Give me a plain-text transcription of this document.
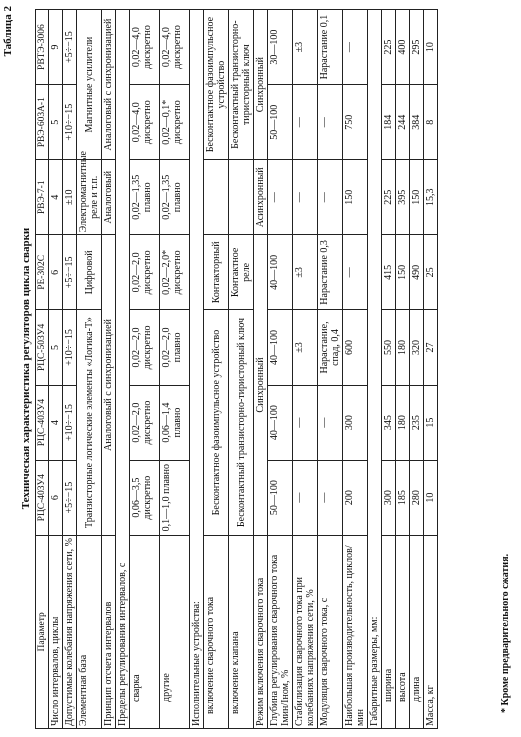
Таблица 2
Техническая характеристика регуляторов цикла сварки
Параметр	РЦС-403У4	РЦС-403У4	РЦС-503У4	РЕ-302С	РВЭ-7-1	РВЭ-603А-1	РВТЭ-3006
Число интервалов, циклы	6	4	5	6	4	5	9
Допустимые колебания напряжения сети, %	+5÷−15	+10÷−15	+10÷−15	+5÷−15	±10	+10÷−15	+5÷−15
Элементная база	Транзисторные логические элементы «Логика-Т»			Цифровой	Электромагнитные реле и т.п.	Магнитные усилители	
Принцип отсчета интервалов	Аналоговый с синхронизацией				Аналоговый	Аналоговый с синхронизацией	
Пределы регулирования интервалов, с							
сварка	0,06—3,5 дискретно	0,02—2,0 дискретно	0,02—2,0 дискретно	0,02—2,0 дискретно	0,02—1,35 плавно	0,02—4,0 дискретно	0,02—4,0 дискретно
другие	0,1—1,0 плавно	0,06—1,4 плавно	0,02—2,0 плавно	0,02—2,0* дискретно	0,02—1,35 плавно	0,02—0,1* дискретно	0,02—4,0 дискретно
Исполнительные устройства:							
включение сварочного тока	Бесконтактное фазоимпульсное устройство			Контакторный		Бесконтактное фазоимпульсное устройство	
включение клапана	Бесконтактный транзисторно-тиристорный ключ			Контактное реле		Бесконтактный транзисторно-тиристорный ключ	
Режим включения сварочного тока	Синхронный				Асинхронный	Синхронный	
Глубина регулирования сварочного тока Iмин/Iном, %	50—100	40—100	40—100	40—100	—	50—100	30—100
Стабилизация сварочного тока при колебаниях напряжения сети, %	—	—	±3	±3	—	—	±3
Модуляция сварочного тока, с	—	—	Нарастание, спад, 0,4	Нарастание 0,3	—	—	Нарастание 0,1
Наибольшая производительность, циклов/мин	200	300	600	—	150	750	—
Габаритные размеры, мм:							
ширина	300	345	550	415	225	184	225
высота	185	180	180	150	395	244	400
длина	280	235	320	490	150	384	295
Масса, кг	10	15	27	25	15,3	8	10
* Кроме предварительного сжатия.
